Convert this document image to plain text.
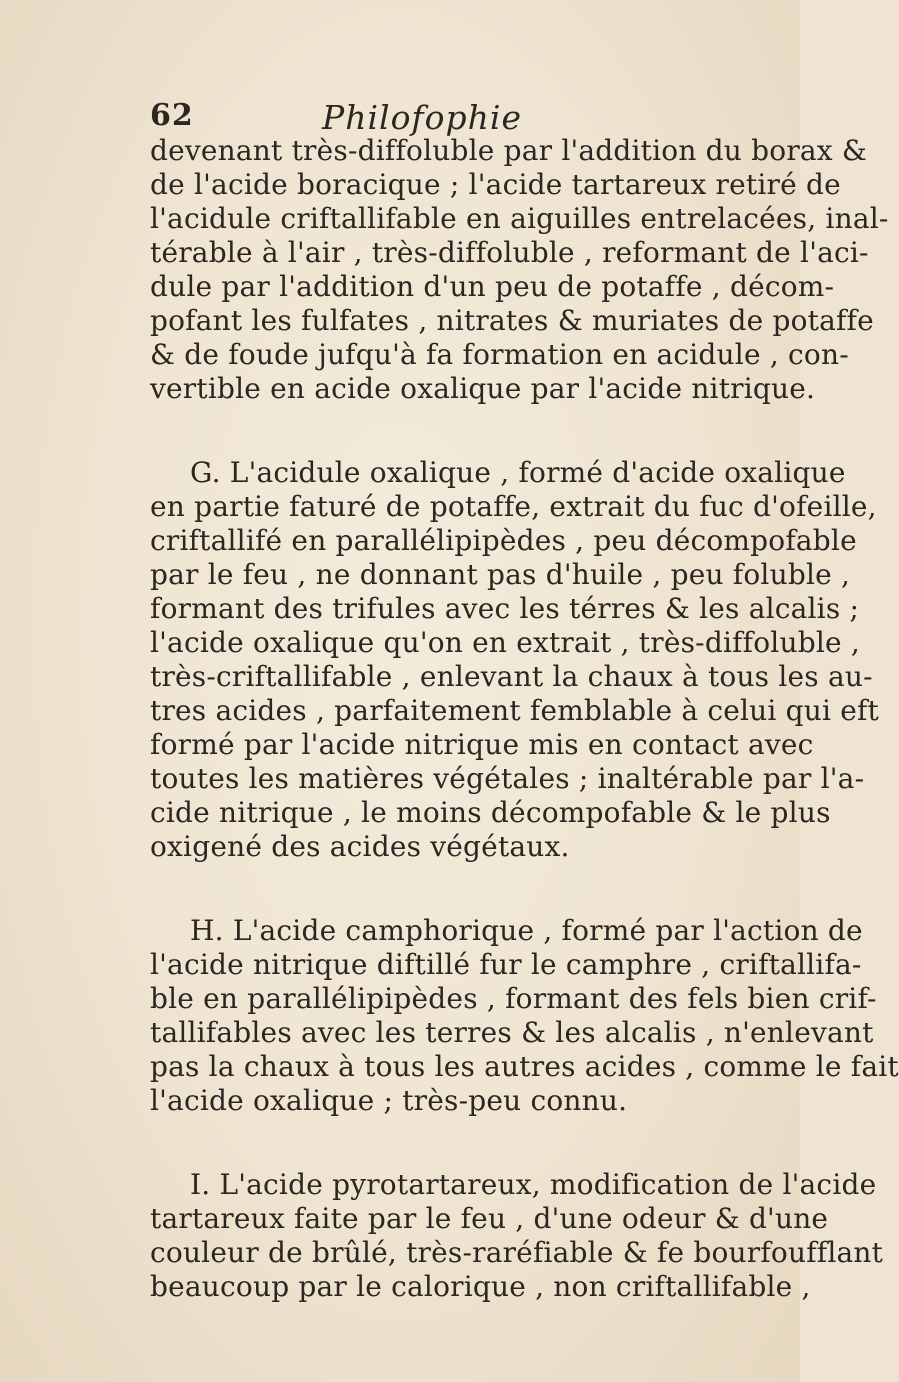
62	Philofophie
devenant très-diffoluble par l'addition du borax &
de l'acide boracique ; l'acide tartareux retiré de
l'acidule criftallifable en aiguilles entrelacées, inal-
térable à l'air , très-diffoluble , reformant de l'aci-
dule par l'addition d'un peu de potaffe , décom-
pofant les fulfates , nitrates & muriates de potaffe
& de foude jufqu'à fa formation en acidule , con-
vertible en acide oxalique par l'acide nitrique.
G. L'acidule oxalique , formé d'acide oxalique
en partie faturé de potaffe, extrait du fuc d'ofeille,
criftallifé en parallélipipèdes , peu décompofable
par le feu , ne donnant pas d'huile , peu foluble ,
formant des trifules avec les térres & les alcalis ;
l'acide oxalique qu'on en extrait , très-diffoluble ,
très-criftallifable , enlevant la chaux à tous les au-
tres acides , parfaitement femblable à celui qui eft
formé par l'acide nitrique mis en contact avec
toutes les matières végétales ; inaltérable par l'a-
cide nitrique , le moins décompofable & le plus
oxigené des acides végétaux.
H. L'acide camphorique , formé par l'action de
l'acide nitrique diftillé fur le camphre , criftallifa-
ble en parallélipipèdes , formant des fels bien crif-
tallifables avec les terres & les alcalis , n'enlevant
pas la chaux à tous les autres acides , comme le fait
l'acide oxalique ; très-peu connu.
I. L'acide pyrotartareux, modification de l'acide
tartareux faite par le feu , d'une odeur & d'une
couleur de brûlé, très-raréfiable & fe bourfoufflant
beaucoup par le calorique , non criftallifable ,
